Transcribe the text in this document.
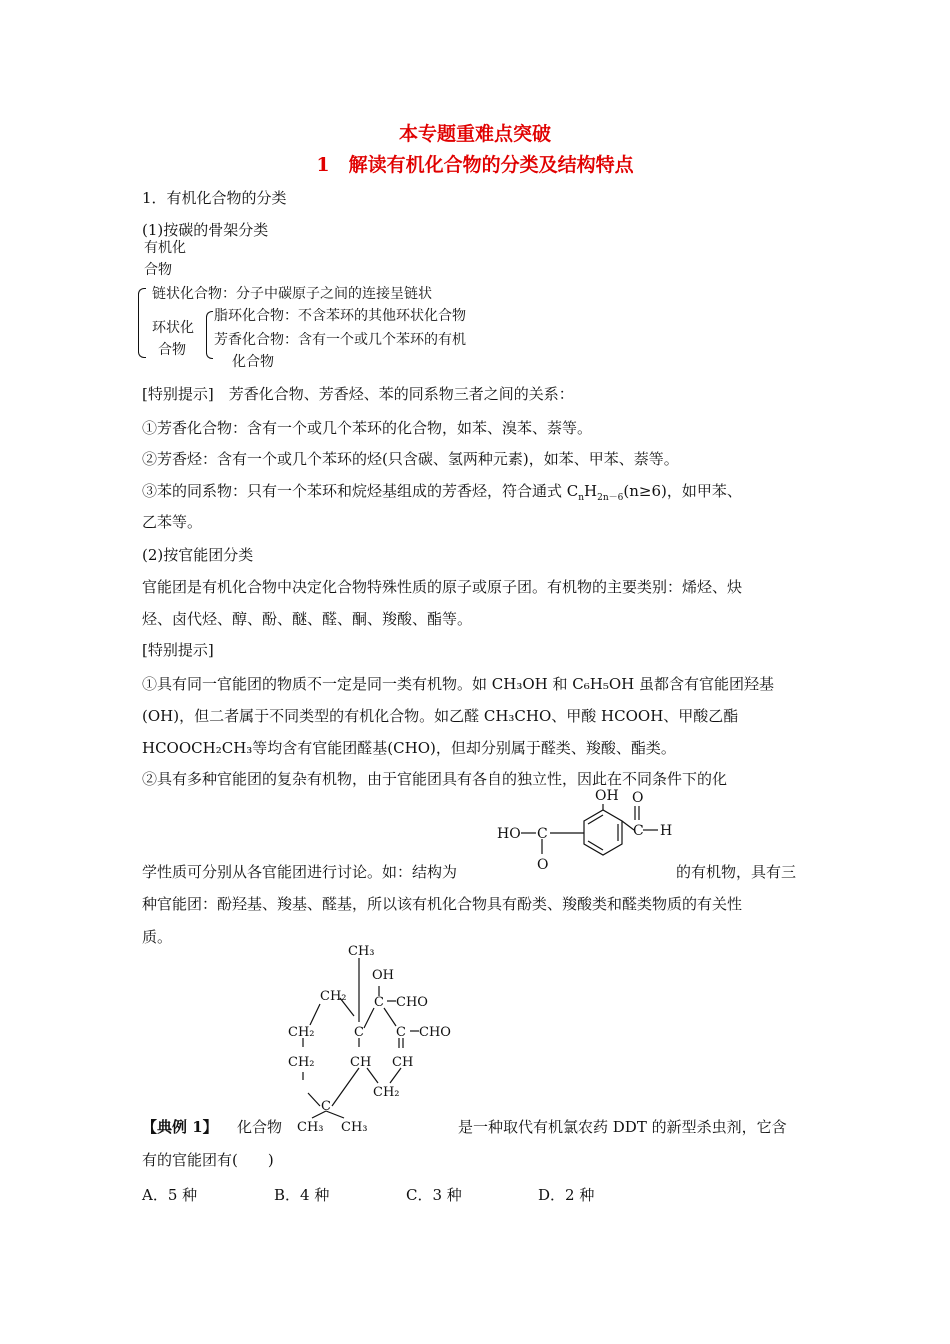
本专题重难点突破
1　解读有机化合物的分类及结构特点
1．有机化合物的分类
(1)按碳的骨架分类
有机化
合物
链状化合物：分子中碳原子之间的连接呈链状
环状化
合物
脂环化合物：不含苯环的其他环状化合物
芳香化合物：含有一个或几个苯环的有机
化合物
[特别提示]　芳香化合物、芳香烃、苯的同系物三者之间的关系：
①芳香化合物：含有一个或几个苯环的化合物，如苯、溴苯、萘等。
②芳香烃：含有一个或几个苯环的烃(只含碳、氢两种元素)，如苯、甲苯、萘等。
③苯的同系物：只有一个苯环和烷烃基组成的芳香烃，符合通式 $C_nH_{2n-6}(n\ge 6)$，如甲苯、
乙苯等。
(2)按官能团分类
官能团是有机化合物中决定化合物特殊性质的原子或原子团。有机物的主要类别：烯烃、炔
烃、卤代烃、醇、酚、醚、醛、酮、羧酸、酯等。
[特别提示]
①具有同一官能团的物质不一定是同一类有机物。如 CH₃OH 和 C₆H₅OH 虽都含有官能团羟基
(OH)，但二者属于不同类型的有机化合物。如乙醛 CH₃CHO、甲酸 HCOOH、甲酸乙酯
HCOOCH₂CH₃等均含有官能团醛基(CHO)，但却分别属于醛类、羧酸、酯类。
②具有多种官能团的复杂有机物，由于官能团具有各自的独立性，因此在不同条件下的化
OH O
HO C	C H
O
学性质可分别从各官能团进行讨论。如：结构为	的有机物，具有三
种官能团：酚羟基、羧基、醛基，所以该有机化合物具有酚类、羧酸类和醛类物质的有关性
质。
CH₃
OH
CH₂ C CHO
CH₂	C C CHO
CH₂	CH CH
CH₂
C
CH₃ CH₃
【典例 1】 化合物	是一种取代有机氯农药 DDT 的新型杀虫剂，它含
有的官能团有(　　)
A．5 种	B．4 种	C．3 种	D．2 种
